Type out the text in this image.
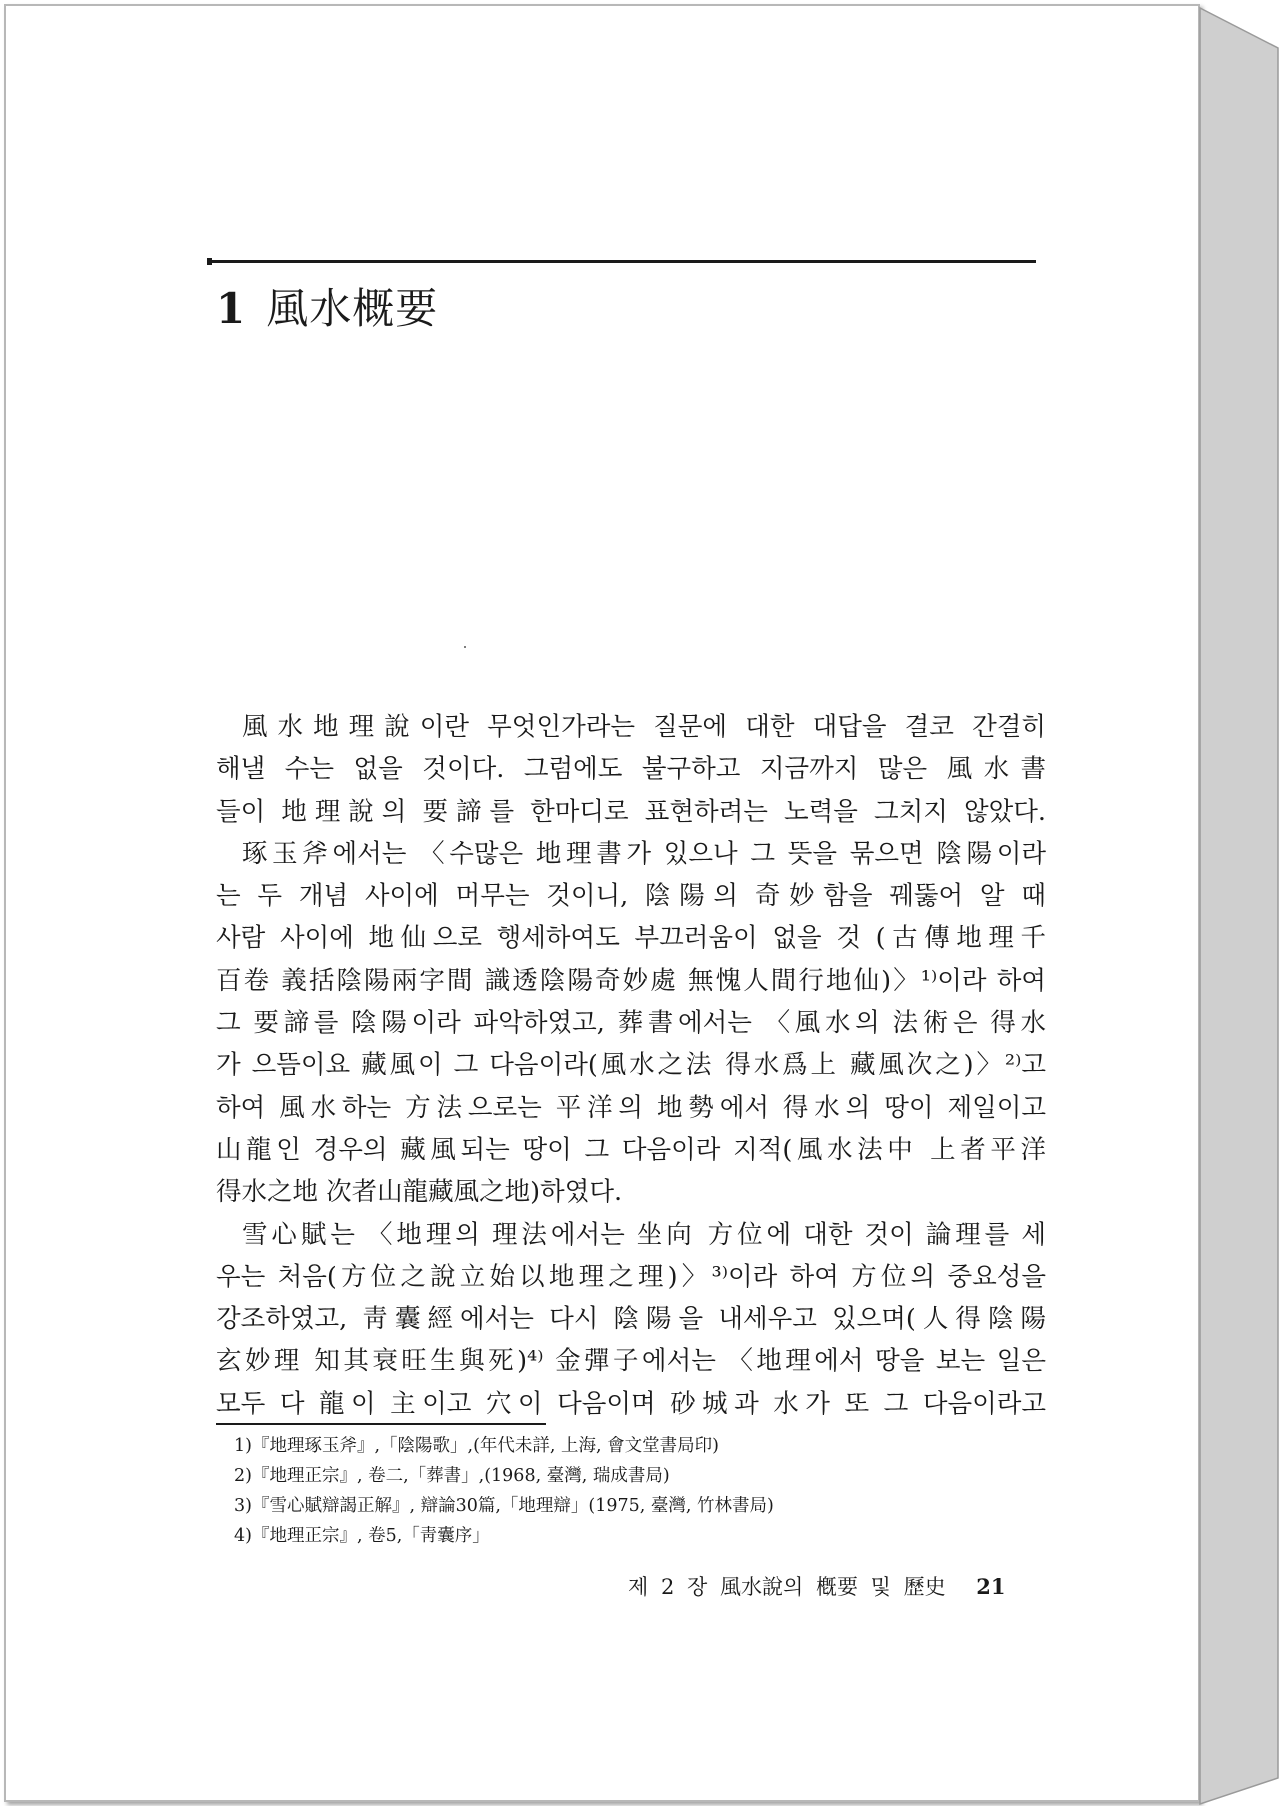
1 風水概要
風水地理說이란 무엇인가라는 질문에 대한 대답을 결코 간결히
해낼 수는 없을 것이다. 그럼에도 불구하고 지금까지 많은 風水書
들이 地理說의 要諦를 한마디로 표현하려는 노력을 그치지 않았다.
琢玉斧에서는 〈수많은 地理書가 있으나 그 뜻을 묶으면 陰陽이라
는 두 개념 사이에 머무는 것이니, 陰陽의 奇妙함을 꿰뚫어 알 때
사람 사이에 地仙으로 행세하여도 부끄러움이 없을 것 (古傳地理千
百卷 義括陰陽兩字間 識透陰陽奇妙處 無愧人間行地仙)〉¹⁾이라 하여
그 要諦를 陰陽이라 파악하였고, 葬書에서는 〈風水의 法術은 得水
가 으뜸이요 藏風이 그 다음이라(風水之法 得水爲上 藏風次之)〉²⁾고
하여 風水하는 方法으로는 平洋의 地勢에서 得水의 땅이 제일이고
山龍인 경우의 藏風되는 땅이 그 다음이라 지적(風水法中 上者平洋
得水之地 次者山龍藏風之地)하였다.
雪心賦는 〈地理의 理法에서는 坐向 方位에 대한 것이 論理를 세
우는 처음(方位之說立始以地理之理)〉³⁾이라 하여 方位의 중요성을
강조하였고, 靑囊經에서는 다시 陰陽을 내세우고 있으며(人得陰陽
玄妙理 知其衰旺生與死)⁴⁾ 金彈子에서는 〈地理에서 땅을 보는 일은
모두 다 龍이 主이고 穴이 다음이며 砂城과 水가 또 그 다음이라고
1)『地理琢玉斧』,「陰陽歌」,(年代未詳, 上海, 會文堂書局印)
2)『地理正宗』, 卷二,「葬書」,(1968, 臺灣, 瑞成書局)
3)『雪心賦辯謁正解』, 辯論30篇,「地理辯」(1975, 臺灣, 竹林書局)
4)『地理正宗』, 卷5,「靑囊序」
제 2 장 風水說의 槪要 및 歷史 21
